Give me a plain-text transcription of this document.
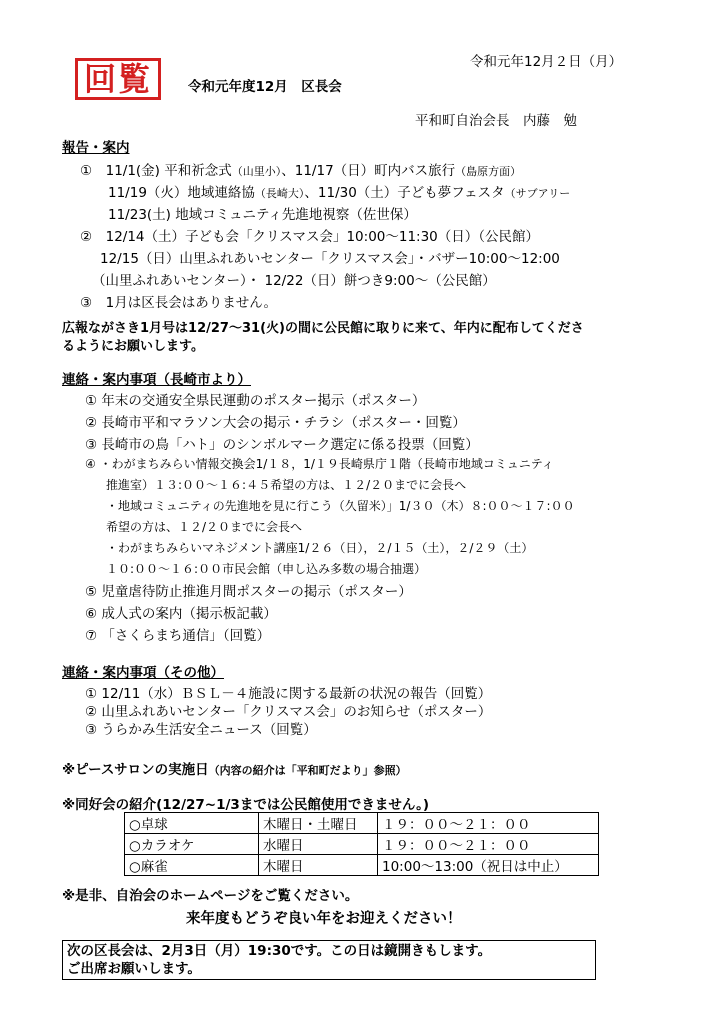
令和元年12月２日（月）
回覧	令和元年度12月　区長会
平和町自治会長　内藤　勉
報告・案内
①　11/1(金) 平和祈念式（山里小）、11/17（日）町内バス旅行（島原方面）
11/19（火）地域連絡協（長崎大）、11/30（土）子ども夢フェスタ（サブアリー
11/23(土) 地域コミュニティ先進地視察（佐世保）
②　12/14（土）子ども会「クリスマス会」10:00～11:30（日）（公民館）
12/15（日）山里ふれあいセンター「クリスマス会」・バザー10:00～12:00
（山里ふれあいセンター）・ 12/22（日）餅つき9:00～（公民館）
③　1月は区長会はありません。
広報ながさき1月号は12/27～31(火)の間に公民館に取りに来て、年内に配布してくださ
るようにお願いします。
連絡・案内事項（長崎市より）
① 年末の交通安全県民運動のポスター掲示（ポスター）
② 長崎市平和マラソン大会の掲示・チラシ（ポスター・回覧）
③ 長崎市の鳥「ハト」のシンボルマーク選定に係る投票（回覧）
④ ・わがまちみらい情報交換会1/１８，1/１９長崎県庁１階（長崎市地域コミュニティ
推進室）１３:００～１６:４５希望の方は、１２/２０までに会長へ
・地域コミュニティの先進地を見に行こう（久留米）」1/３０（木）８:００～１７:００
希望の方は、１２/２０までに会長へ
・わがまちみらいマネジメント講座1/２６（日），２/１５（土），２/２９（土）
１０:００～１６:００市民会館（申し込み多数の場合抽選）
⑤ 児童虐待防止推進月間ポスターの掲示（ポスター）
⑥ 成人式の案内（掲示板記載）
⑦ 「さくらまち通信」（回覧）
連絡・案内事項（その他）
① 12/11（水）ＢＳＬ－４施設に関する最新の状況の報告（回覧）
② 山里ふれあいセンター「クリスマス会」のお知らせ（ポスター）
③ うらかみ生活安全ニュース（回覧）
※ピースサロンの実施日（内容の紹介は「平和町だより」参照）
※同好会の紹介(12/27~1/3までは公民館使用できません。)
○卓球	木曜日・土曜日	１９：００～２１：００
○カラオケ	水曜日	１９：００～２１：００
○麻雀	木曜日	10:00～13:00（祝日は中止）
※是非、自治会のホームページをご覧ください。
来年度もどうぞ良い年をお迎えください！
次の区長会は、2月3日（月）19:30です。この日は鏡開きもします。
ご出席お願いします。
